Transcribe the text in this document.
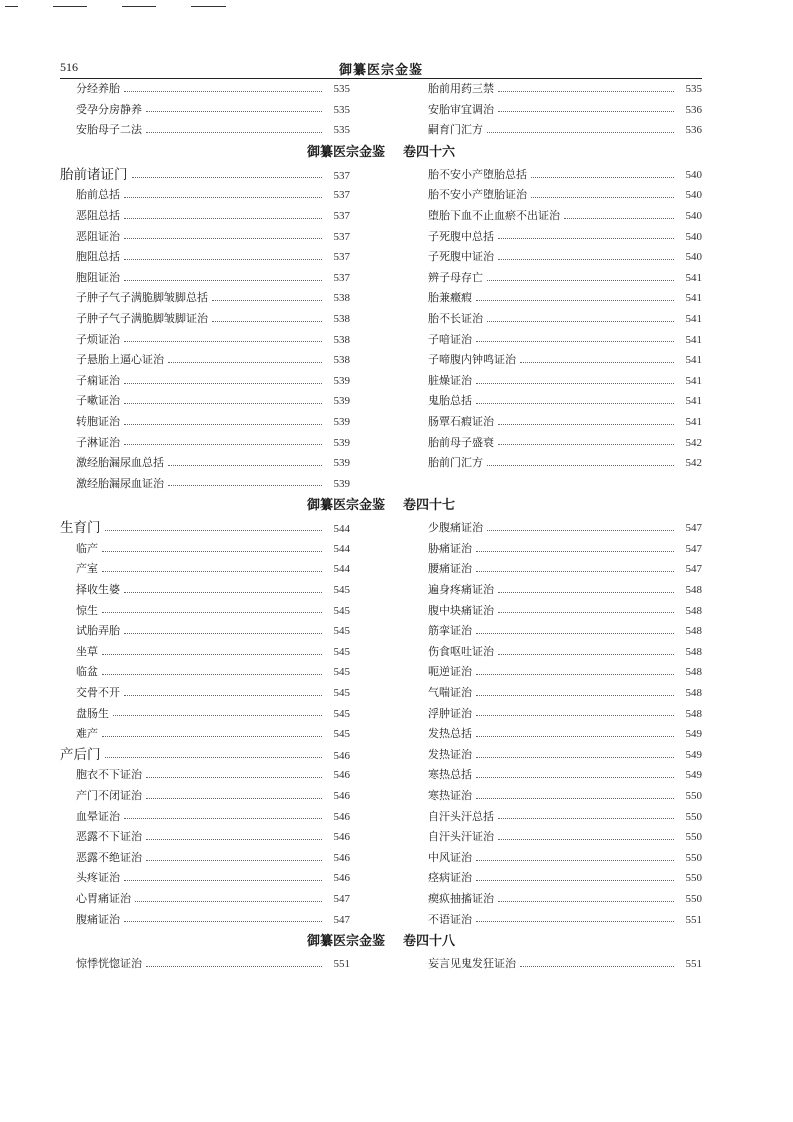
516	御纂医宗金鉴
分经养胎	535
受孕分房静养	535
安胎母子二法	535
胎前用药三禁	535
安胎审宜调治	536
嗣育门汇方	536
御纂医宗金鉴 卷四十六
胎前诸证门	537
胎前总括	537
恶阻总括	537
恶阻证治	537
胞阻总括	537
胞阻证治	537
子肿子气子满脆脚皱脚总括	538
子肿子气子满脆脚皱脚证治	538
子烦证治	538
子悬胎上逼心证治	538
子痫证治	539
子嗽证治	539
转胞证治	539
子淋证治	539
激经胎漏尿血总括	539
激经胎漏尿血证治	539
胎不安小产堕胎总括	540
胎不安小产堕胎证治	540
堕胎下血不止血瘀不出证治	540
子死腹中总括	540
子死腹中证治	540
辨子母存亡	541
胎兼癥瘕	541
胎不长证治	541
子喑证治	541
子啼腹内钟鸣证治	541
脏燥证治	541
鬼胎总括	541
肠覃石瘕证治	541
胎前母子盛衰	542
胎前门汇方	542
御纂医宗金鉴 卷四十七
生育门	544
临产	544
产室	544
择收生婆	545
惊生	545
试胎弄胎	545
坐草	545
临盆	545
交骨不开	545
盘肠生	545
难产	545
产后门	546
胞衣不下证治	546
产门不闭证治	546
血晕证治	546
恶露不下证治	546
恶露不绝证治	546
头疼证治	546
心胃痛证治	547
腹痛证治	547
少腹痛证治	547
胁痛证治	547
腰痛证治	547
遍身疼痛证治	548
腹中块痛证治	548
筋挛证治	548
伤食呕吐证治	548
呃逆证治	548
气喘证治	548
浮肿证治	548
发热总括	549
发热证治	549
寒热总括	549
寒热证治	550
自汗头汗总括	550
自汗头汗证治	550
中风证治	550
痉病证治	550
瘈疭抽搐证治	550
不语证治	551
御纂医宗金鉴 卷四十八
惊悸恍惚证治	551	妄言见鬼发狂证治	551
